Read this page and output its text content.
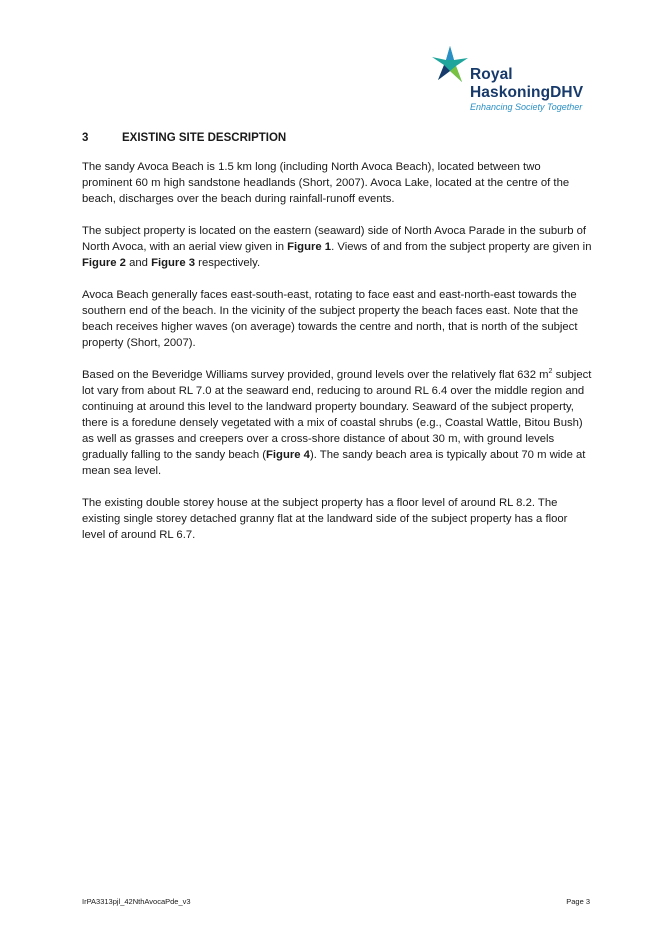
Royal
HaskoningDHV
Enhancing Society Together
3	EXISTING SITE DESCRIPTION

The sandy Avoca Beach is 1.5 km long (including North Avoca Beach), located between two prominent 60 m high sandstone headlands (Short, 2007). Avoca Lake, located at the centre of the beach, discharges over the beach during rainfall-runoff events.

The subject property is located on the eastern (seaward) side of North Avoca Parade in the suburb of North Avoca, with an aerial view given in Figure 1. Views of and from the subject property are given in Figure 2 and Figure 3 respectively.

Avoca Beach generally faces east-south-east, rotating to face east and east-north-east towards the southern end of the beach. In the vicinity of the subject property the beach faces east. Note that the beach receives higher waves (on average) towards the centre and north, that is north of the subject property (Short, 2007).

Based on the Beveridge Williams survey provided, ground levels over the relatively flat 632 $m^2$ subject lot vary from about RL 7.0 at the seaward end, reducing to around RL 6.4 over the middle region and continuing at around this level to the landward property boundary. Seaward of the subject property, there is a foredune densely vegetated with a mix of coastal shrubs (e.g., Coastal Wattle, Bitou Bush) as well as grasses and creepers over a cross-shore distance of about 30 m, with ground levels gradually falling to the sandy beach (Figure 4). The sandy beach area is typically about 70 m wide at mean sea level.

The existing double storey house at the subject property has a floor level of around RL 8.2. The existing single storey detached granny flat at the landward side of the subject property has a floor level of around RL 6.7.

IrPA3313pjl_42NthAvocaPde_v3	Page 3
